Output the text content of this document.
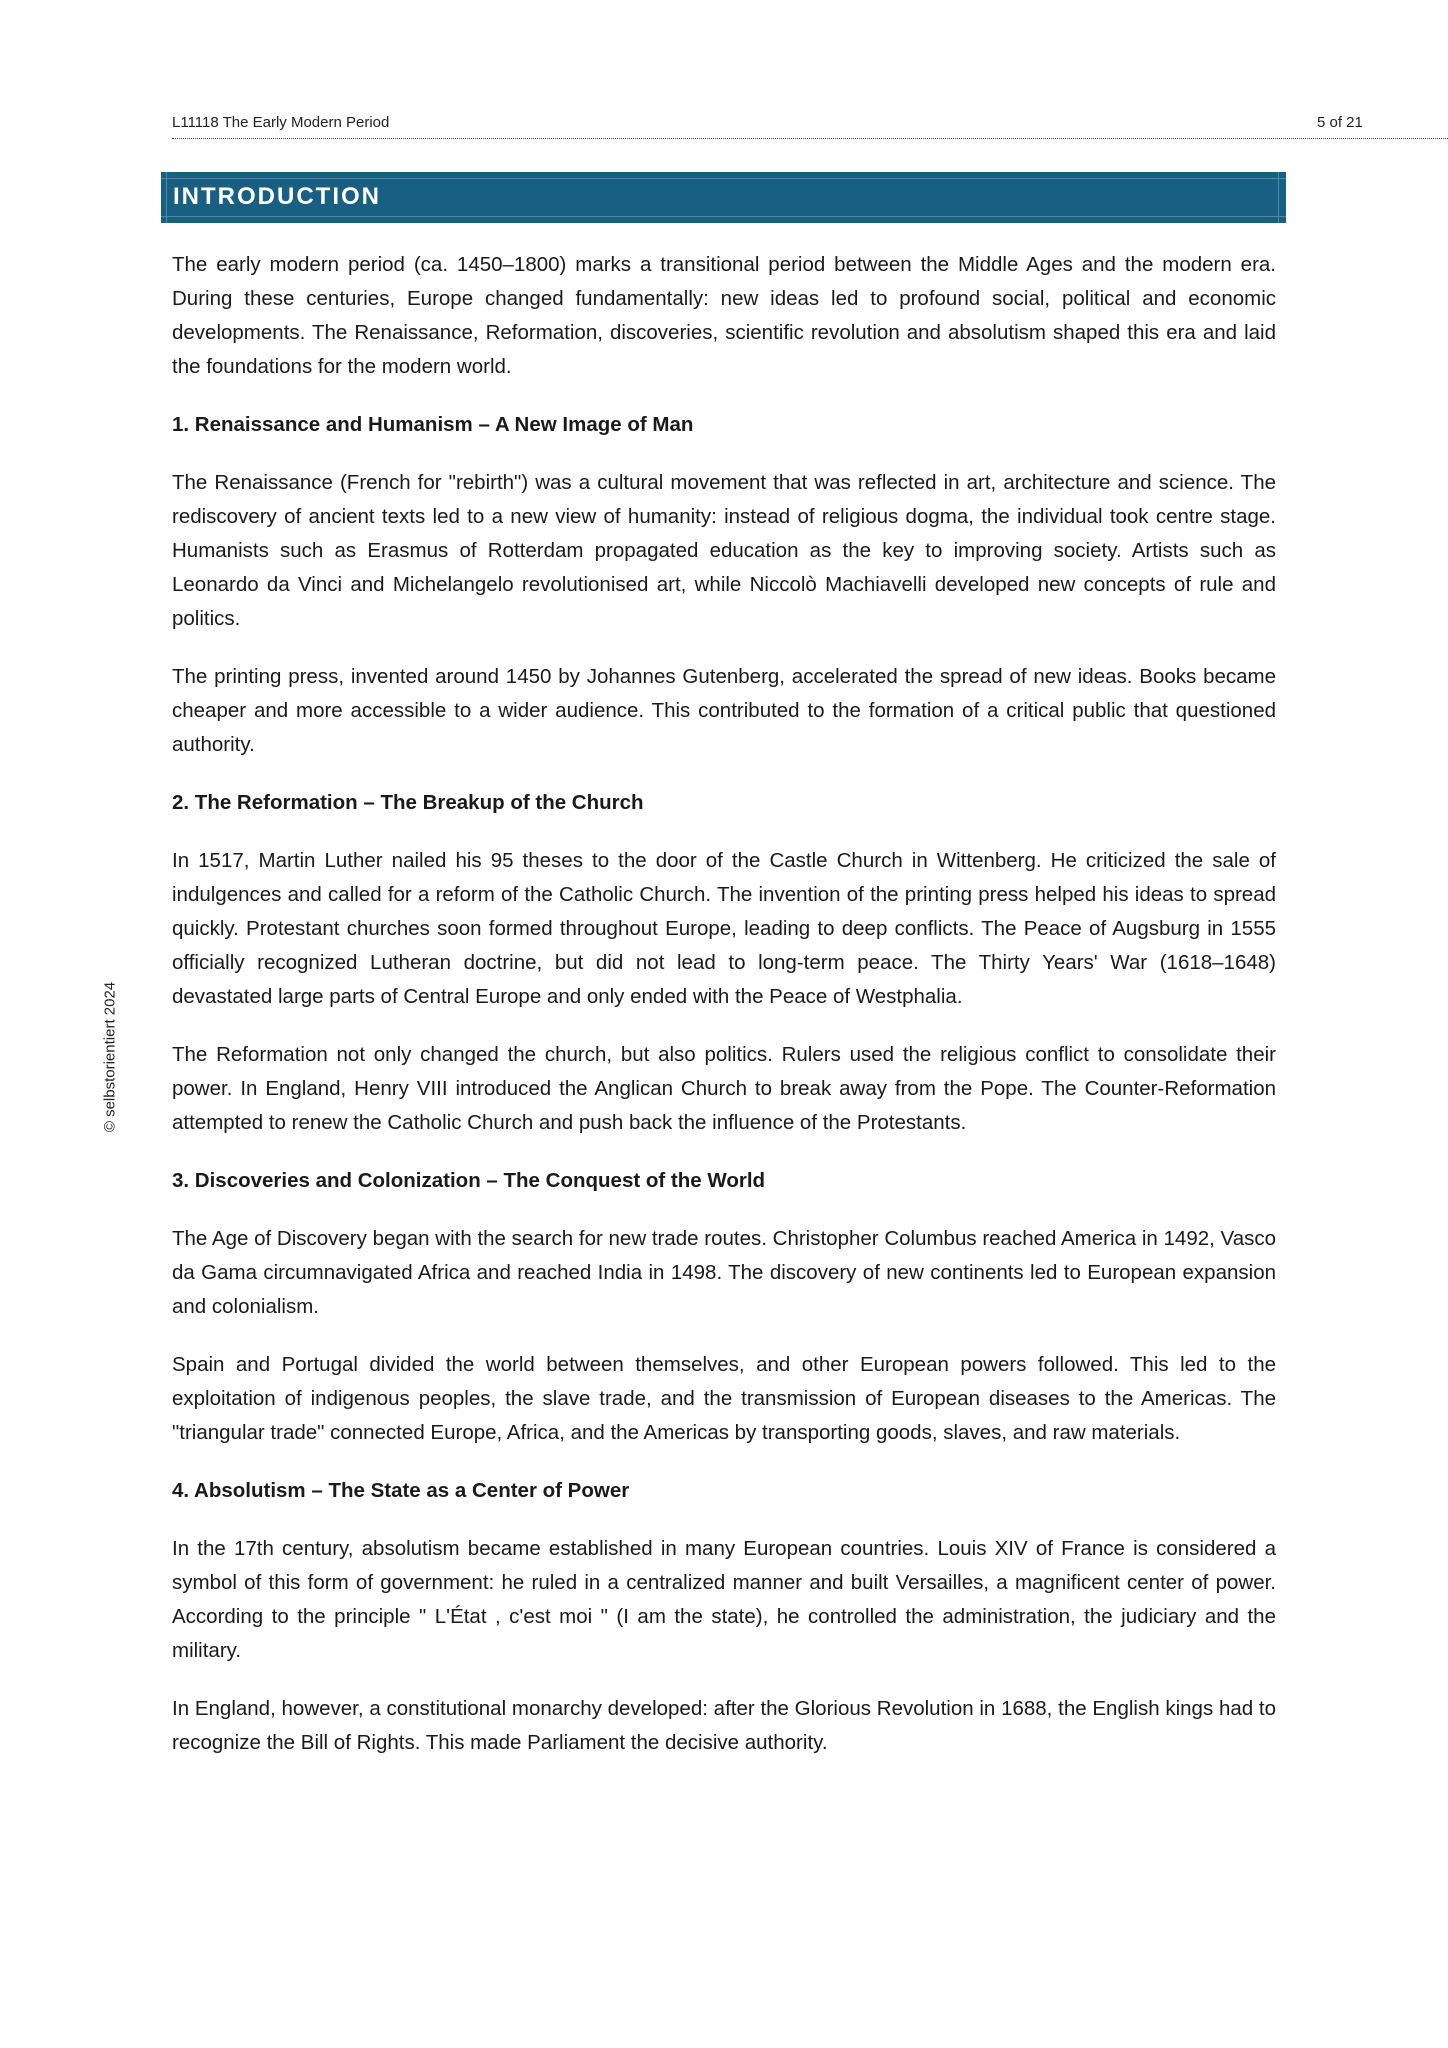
L11118 The Early Modern Period	5 of 21
INTRODUCTION
© selbstorientiert 2024

The early modern period (ca. 1450–1800) marks a transitional period between the Middle Ages and the modern era. During these centuries, Europe changed fundamentally: new ideas led to profound social, political and economic developments. The Renaissance, Reformation, discoveries, scientific revolution and absolutism shaped this era and laid the foundations for the modern world.

1. Renaissance and Humanism – A New Image of Man

The Renaissance (French for "rebirth") was a cultural movement that was reflected in art, architecture and science. The rediscovery of ancient texts led to a new view of humanity: instead of religious dogma, the individual took centre stage. Humanists such as Erasmus of Rotterdam propagated education as the key to improving society. Artists such as Leonardo da Vinci and Michelangelo revolutionised art, while Niccolò Machiavelli developed new concepts of rule and politics.

The printing press, invented around 1450 by Johannes Gutenberg, accelerated the spread of new ideas. Books became cheaper and more accessible to a wider audience. This contributed to the formation of a critical public that questioned authority.

2. The Reformation – The Breakup of the Church

In 1517, Martin Luther nailed his 95 theses to the door of the Castle Church in Wittenberg. He criticized the sale of indulgences and called for a reform of the Catholic Church. The invention of the printing press helped his ideas to spread quickly. Protestant churches soon formed throughout Europe, leading to deep conflicts. The Peace of Augsburg in 1555 officially recognized Lutheran doctrine, but did not lead to long-term peace. The Thirty Years' War (1618–1648) devastated large parts of Central Europe and only ended with the Peace of Westphalia.

The Reformation not only changed the church, but also politics. Rulers used the religious conflict to consolidate their power. In England, Henry VIII introduced the Anglican Church to break away from the Pope. The Counter-Reformation attempted to renew the Catholic Church and push back the influence of the Protestants.

3. Discoveries and Colonization – The Conquest of the World

The Age of Discovery began with the search for new trade routes. Christopher Columbus reached America in 1492, Vasco da Gama circumnavigated Africa and reached India in 1498. The discovery of new continents led to European expansion and colonialism.

Spain and Portugal divided the world between themselves, and other European powers followed. This led to the exploitation of indigenous peoples, the slave trade, and the transmission of European diseases to the Americas. The "triangular trade" connected Europe, Africa, and the Americas by transporting goods, slaves, and raw materials.

4. Absolutism – The State as a Center of Power

In the 17th century, absolutism became established in many European countries. Louis XIV of France is considered a symbol of this form of government: he ruled in a centralized manner and built Versailles, a magnificent center of power. According to the principle " L'État , c'est moi " (I am the state), he controlled the administration, the judiciary and the military.

In England, however, a constitutional monarchy developed: after the Glorious Revolution in 1688, the English kings had to recognize the Bill of Rights. This made Parliament the decisive authority.
